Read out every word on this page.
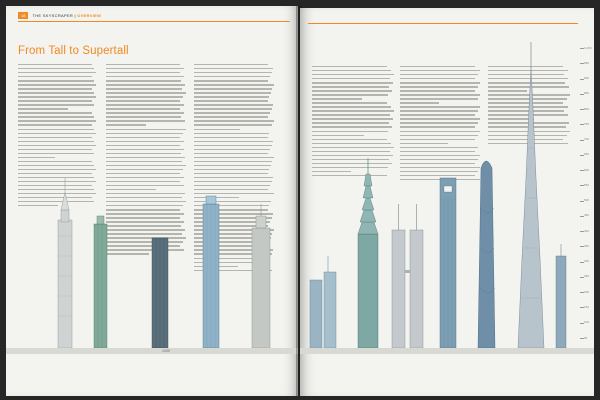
18	THE SKYSCRAPER | OVERVIEW
From Tall to Supertall
1930
1,000
950
900
850
800
750
700
650
600
550
500
450
400
350
300
250
200
150
100
50
